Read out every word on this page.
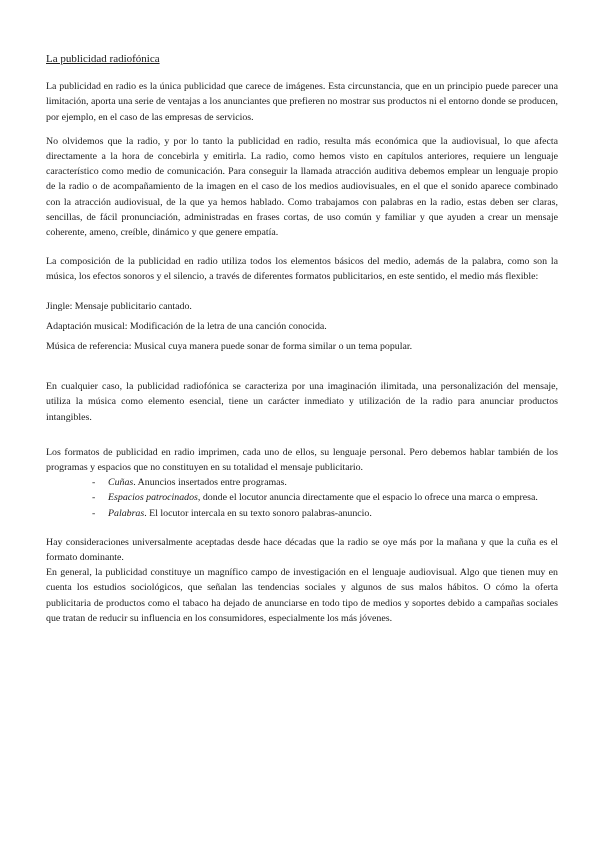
La publicidad radiofónica

La publicidad en radio es la única publicidad que carece de imágenes. Esta circunstancia, que en un principio puede parecer una limitación, aporta una serie de ventajas a los anunciantes que prefieren no mostrar sus productos ni el entorno donde se producen, por ejemplo, en el caso de las empresas de servicios.

No olvidemos que la radio, y por lo tanto la publicidad en radio, resulta más económica que la audiovisual, lo que afecta directamente a la hora de concebirla y emitirla. La radio, como hemos visto en capítulos anteriores, requiere un lenguaje característico como medio de comunicación. Para conseguir la llamada atracción auditiva debemos emplear un lenguaje propio de la radio o de acompañamiento de la imagen en el caso de los medios audiovisuales, en el que el sonido aparece combinado con la atracción audiovisual, de la que ya hemos hablado. Como trabajamos con palabras en la radio, estas deben ser claras, sencillas, de fácil pronunciación, administradas en frases cortas, de uso común y familiar y que ayuden a crear un mensaje coherente, ameno, creíble, dinámico y que genere empatía.

La composición de la publicidad en radio utiliza todos los elementos básicos del medio, además de la palabra, como son la música, los efectos sonoros y el silencio, a través de diferentes formatos publicitarios, en este sentido, el medio más flexible:

Jingle: Mensaje publicitario cantado.

Adaptación musical: Modificación de la letra de una canción conocida.

Música de referencia: Musical cuya manera puede sonar de forma similar o un tema popular.

En cualquier caso, la publicidad radiofónica se caracteriza por una imaginación ilimitada, una personalización del mensaje, utiliza la música como elemento esencial, tiene un carácter inmediato y utilización de la radio para anunciar productos intangibles.

Los formatos de publicidad en radio imprimen, cada uno de ellos, su lenguaje personal. Pero debemos hablar también de los programas y espacios que no constituyen en su totalidad el mensaje publicitario.

- Cuñas. Anuncios insertados entre programas.
- Espacios patrocinados, donde el locutor anuncia directamente que el espacio lo ofrece una marca o empresa.
- Palabras. El locutor intercala en su texto sonoro palabras-anuncio.

Hay consideraciones universalmente aceptadas desde hace décadas que la radio se oye más por la mañana y que la cuña es el formato dominante.

En general, la publicidad constituye un magnífico campo de investigación en el lenguaje audiovisual. Algo que tienen muy en cuenta los estudios sociológicos, que señalan las tendencias sociales y algunos de sus malos hábitos. O cómo la oferta publicitaria de productos como el tabaco ha dejado de anunciarse en todo tipo de medios y soportes debido a campañas sociales que tratan de reducir su influencia en los consumidores, especialmente los más jóvenes.
